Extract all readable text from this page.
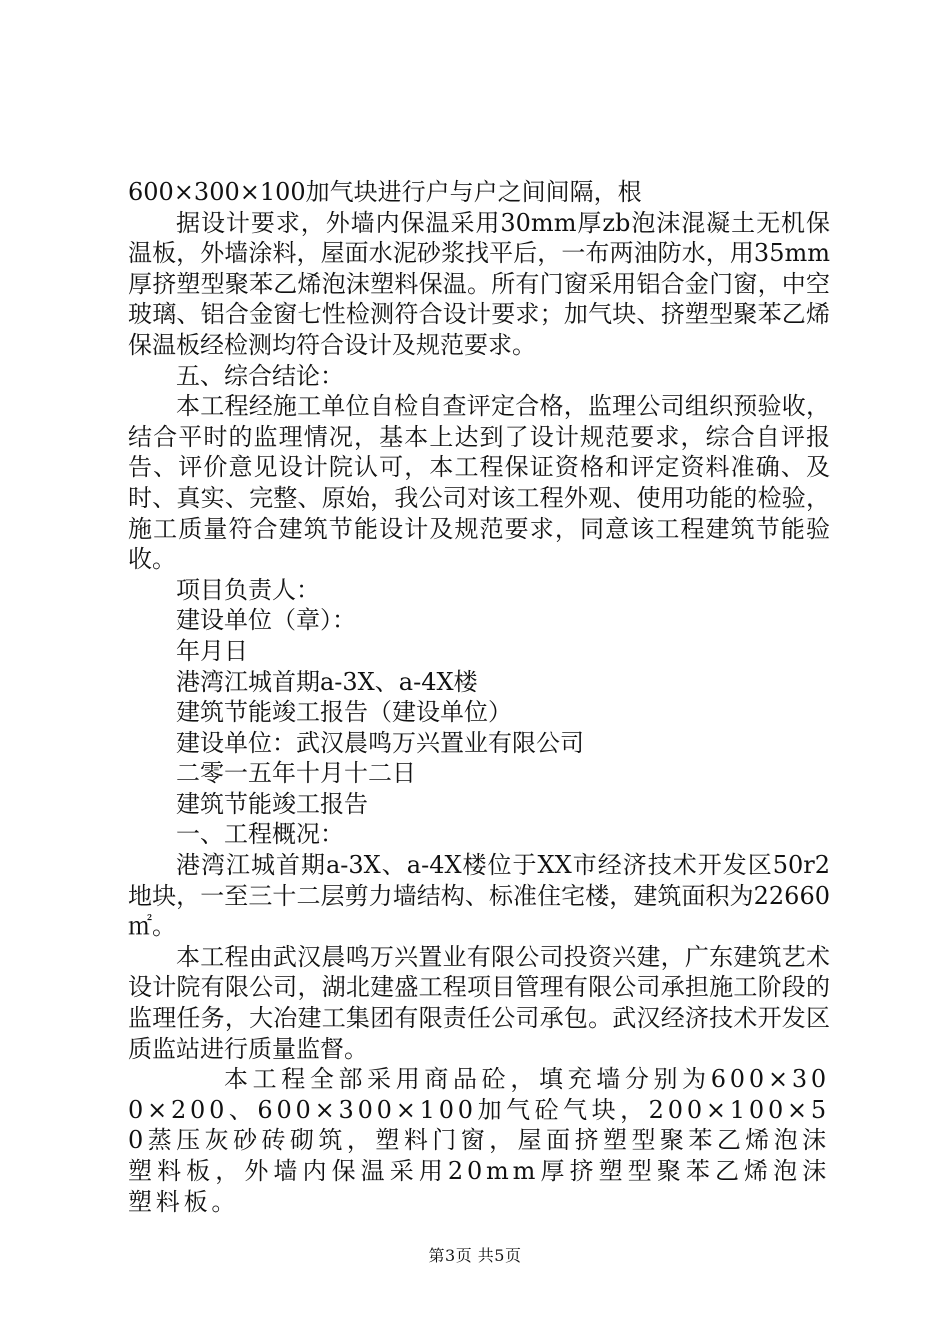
600×300×100加气块进行户与户之间间隔，根

据设计要求，外墙内保温采用30mm厚zb泡沫混凝土无机保温板，外墙涂料，屋面水泥砂浆找平后，一布两油防水，用35mm厚挤塑型聚苯乙烯泡沫塑料保温。所有门窗采用铝合金门窗，中空玻璃、铝合金窗七性检测符合设计要求；加气块、挤塑型聚苯乙烯保温板经检测均符合设计及规范要求。

五、综合结论：

本工程经施工单位自检自查评定合格，监理公司组织预验收，结合平时的监理情况，基本上达到了设计规范要求，综合自评报告、评价意见设计院认可，本工程保证资格和评定资料准确、及时、真实、完整、原始，我公司对该工程外观、使用功能的检验，施工质量符合建筑节能设计及规范要求，同意该工程建筑节能验收。

项目负责人：

建设单位（章）：

年月日

港湾江城首期a-3X、a-4X楼

建筑节能竣工报告（建设单位）

建设单位：武汉晨鸣万兴置业有限公司

二零一五年十月十二日

建筑节能竣工报告

一、工程概况：

港湾江城首期a-3X、a-4X楼位于XX市经济技术开发区50r2地块，一至三十二层剪力墙结构、标准住宅楼，建筑面积为22660㎡。

本工程由武汉晨鸣万兴置业有限公司投资兴建，广东建筑艺术设计院有限公司，湖北建盛工程项目管理有限公司承担施工阶段的监理任务，大冶建工集团有限责任公司承包。武汉经济技术开发区质监站进行质量监督。

本工程全部采用商品砼，填充墙分别为600×300×200、600×300×100加气砼气块，200×100×50蒸压灰砂砖砌筑，塑料门窗，屋面挤塑型聚苯乙烯泡沫塑料板，外墙内保温采用20mm厚挤塑型聚苯乙烯泡沫塑料板。

第3页 共5页
